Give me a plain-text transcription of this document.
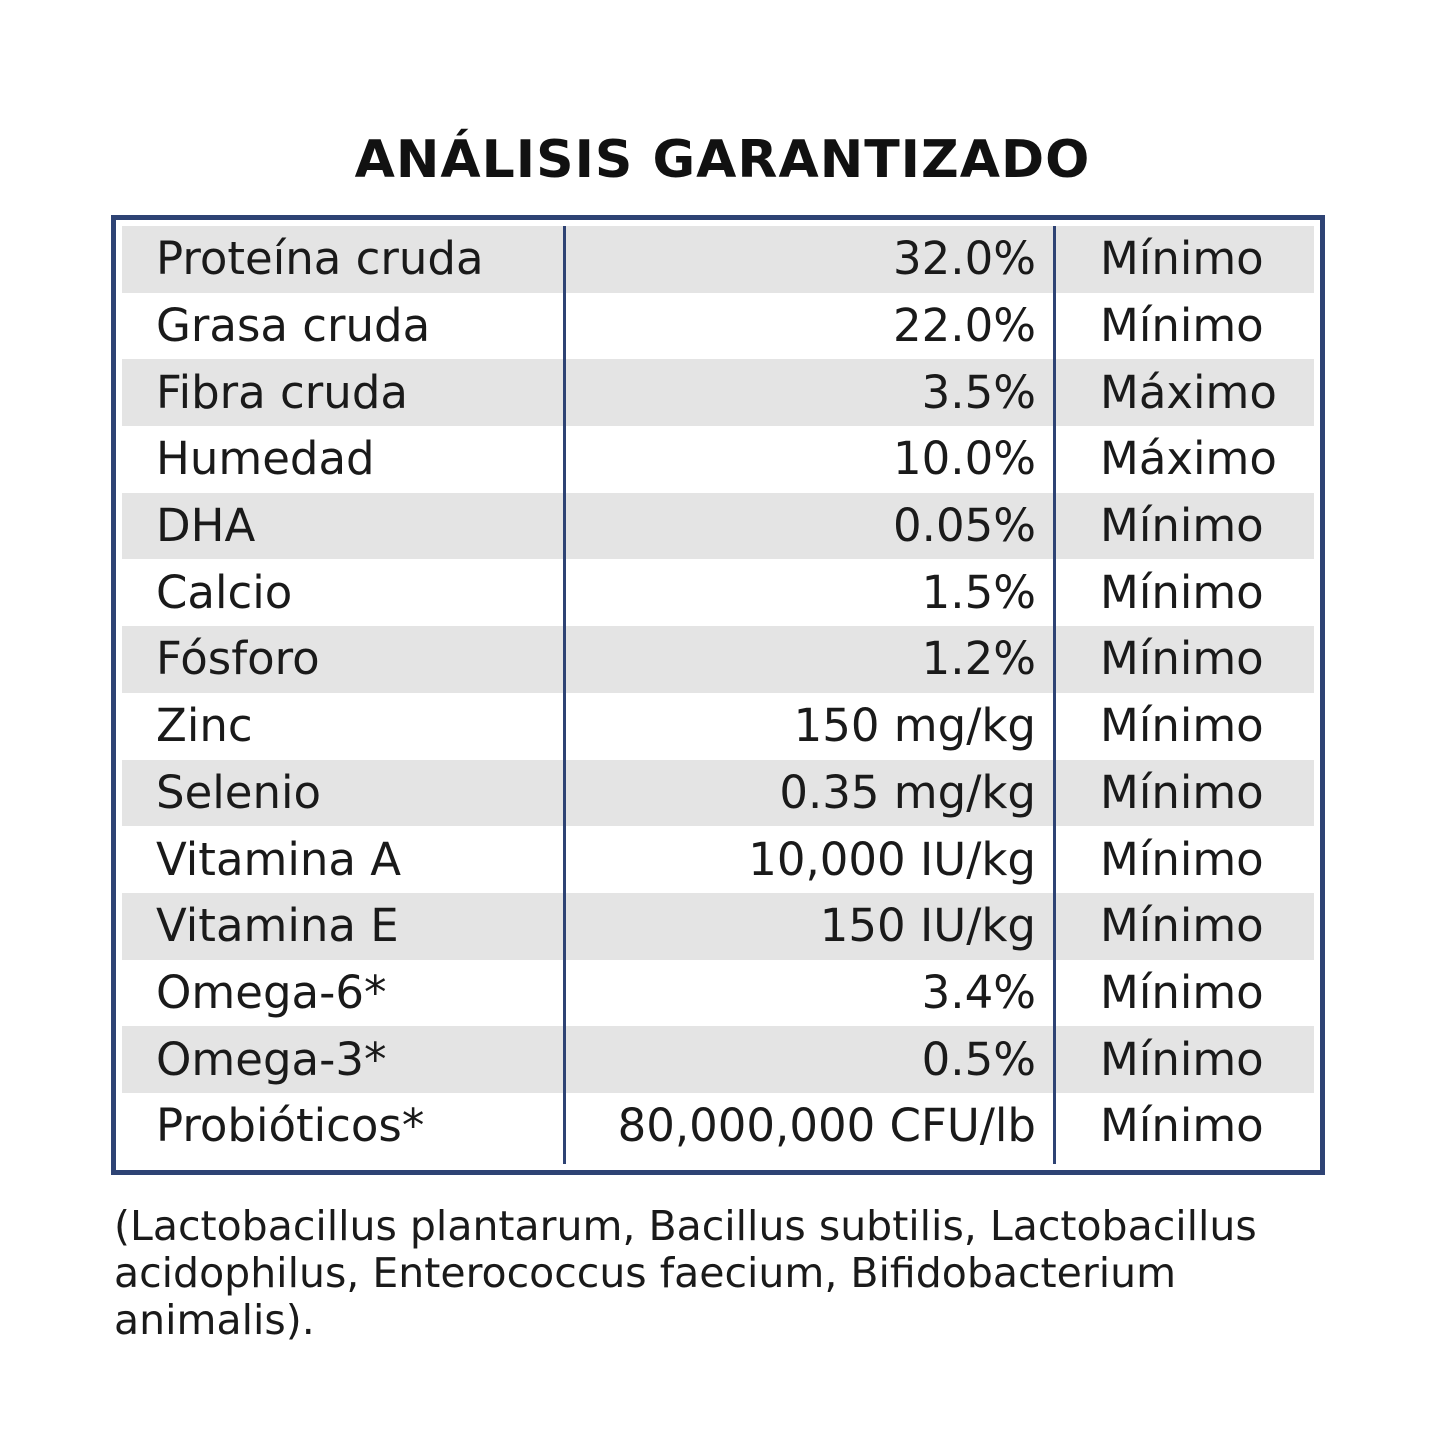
ANÁLISIS GARANTIZADO
Proteína cruda	32.0%	Mínimo
Grasa cruda	22.0%	Mínimo
Fibra cruda	3.5%	Máximo
Humedad	10.0%	Máximo
DHA	0.05%	Mínimo
Calcio	1.5%	Mínimo
Fósforo	1.2%	Mínimo
Zinc	150 mg/kg	Mínimo
Selenio	0.35 mg/kg	Mínimo
Vitamina A	10,000 IU/kg	Mínimo
Vitamina E	150 IU/kg	Mínimo
Omega-6*	3.4%	Mínimo
Omega-3*	0.5%	Mínimo
Probióticos*	80,000,000 CFU/lb	Mínimo
(Lactobacillus plantarum, Bacillus subtilis, Lactobacillus acidophilus, Enterococcus faecium, Bifidobacterium animalis).
